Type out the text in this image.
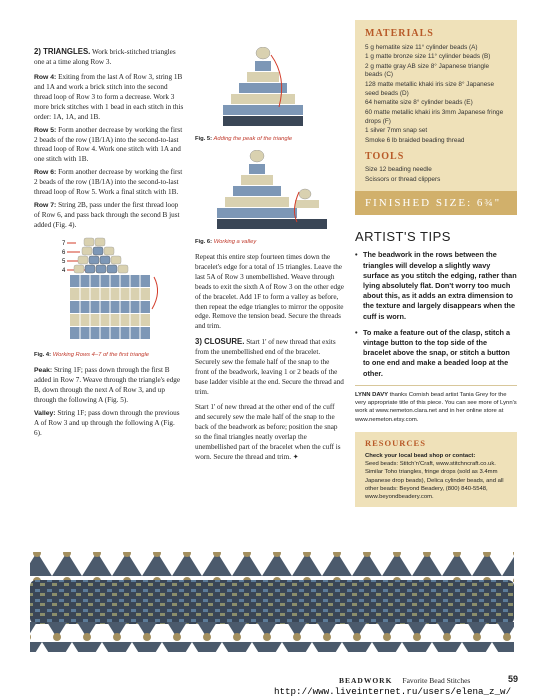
2) TRIANGLES. Work brick-stitched triangles one at a time along Row 3.

Row 4: Exiting from the last A of Row 3, string 1B and 1A and work a brick stitch into the second thread loop of Row 3 to form a decrease. Work 3 more brick stitches with 1 bead in each stitch in this order: 1A, 1A, and 1B.

Row 5: Form another decrease by working the first 2 beads of the row (1B/1A) into the second-to-last thread loop of Row 4. Work one stitch with 1A and one stitch with 1B.

Row 6: Form another decrease by working the first 2 beads of the row (1B/1A) into the second-to-last thread loop of Row 5. Work a final stitch with 1B.

Row 7: String 2B, pass under the first thread loop of Row 6, and pass back through the second B just added (Fig. 4).

7
6
5
4
Fig. 4: Working Rows 4–7 of the first triangle

Peak: String 1F; pass down through the first B added in Row 7. Weave through the triangle's edge B, down through the next A of Row 3, and up through the following A (Fig. 5).

Valley: String 1F; pass down through the previous A of Row 3 and up through the following A (Fig. 6).

Fig. 5: Adding the peak of the triangle
Fig. 6: Working a valley

Repeat this entire step fourteen times down the bracelet's edge for a total of 15 triangles. Leave the last 5A of Row 3 unembellished. Weave through beads to exit the sixth A of Row 3 on the other edge of the bracelet. Add 1F to form a valley as before, then repeat the edge triangles to mirror the opposite edge. Remove the tension bead. Secure the threads and trim.

3) CLOSURE. Start 1' of new thread that exits from the unembellished end of the bracelet. Securely sew the female half of the snap to the front of the beadwork, leaving 1 or 2 beads of the base ladder visible at the end. Secure the thread and trim.

Start 1' of new thread at the other end of the cuff and securely sew the male half of the snap to the back of the beadwork as before; position the snap so the final triangles neatly overlap the unembellished part of the bracelet when the cuff is worn. Secure the thread and trim. ✦

MATERIALS
5 g hematite size 11° cylinder beads (A)
1 g matte bronze size 11° cylinder beads (B)
2 g matte gray AB size 8° Japanese triangle beads (C)
128 matte metallic khaki iris size 8° Japanese seed beads (D)
64 hematite size 8° cylinder beads (E)
60 matte metallic khaki iris 3mm Japanese fringe drops (F)
1 silver 7mm snap set
Smoke 6 lb braided beading thread
TOOLS
Size 12 beading needle
Scissors or thread clippers
FINISHED SIZE: 6¾"
ARTIST'S TIPS
• The beadwork in the rows between the triangles will develop a slightly wavy surface as you stitch the edging, rather than lying absolutely flat. Don't worry too much about this, as it adds an extra dimension to the texture and largely disappears when the cuff is worn.
• To make a feature out of the clasp, stitch a vintage button to the top side of the bracelet above the snap, or stitch a button to one end and make a beaded loop at the other.
LYNN DAVY thanks Cornish bead artist Tania Grey for the very appropriate title of this piece. You can see more of Lynn's work at www.nemeton.clara.net and in her online store at www.nemeton.etsy.com.
RESOURCES
Check your local bead shop or contact:
Seed beads: Stitch'n'Craft, www.stitchncraft.co.uk. Similar Toho triangles, fringe drops (sold as 3.4mm Japanese drop beads), Delica cylinder beads, and all other beads: Beyond Beadery, (800) 840-5548, www.beyondbeadery.com.
BEADWORK Favorite Bead Stitches	59
http://www.liveinternet.ru/users/elena_z_w/
